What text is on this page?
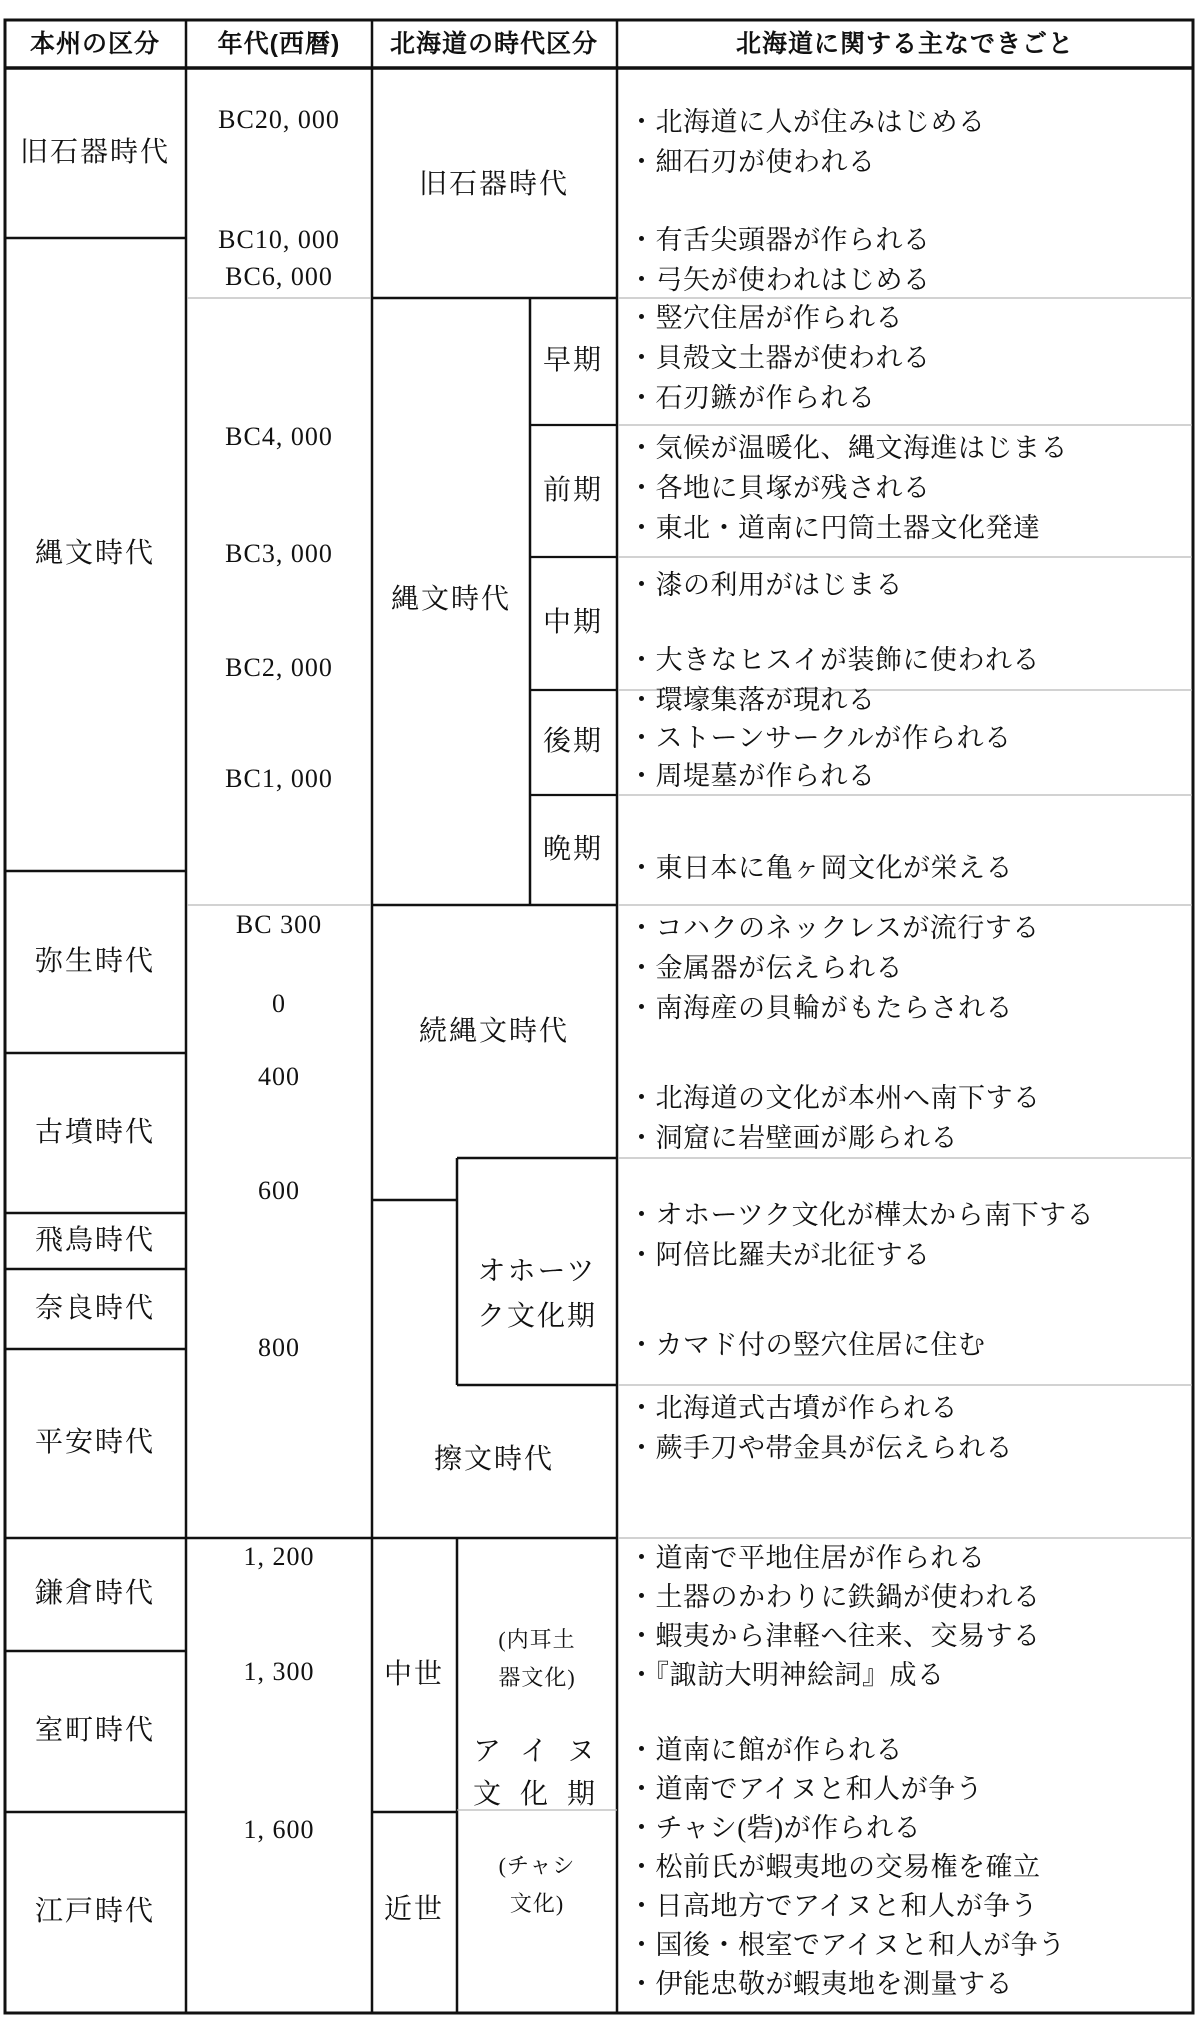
本州の区分 年代(西暦) 北海道の時代区分	北海道に関する主なできごと
旧石器時代
縄文時代
弥生時代
古墳時代
飛鳥時代
奈良時代
平安時代
鎌倉時代
室町時代
江戸時代
BC20, 000
BC10, 000
BC6, 000
BC4, 000
BC3, 000
BC2, 000
BC1, 000
BC 300
0
400
600
800
1, 200
1, 300
1, 600
旧石器時代
縄文時代
早期
前期
中期
後期
晩期
続縄文時代
オホーツ
ク文化期
擦文時代
中世
近世
(内耳土
器文化)
ア イ ヌ
文 化 期
(チャシ
文化)
・北海道に人が住みはじめる
・細石刃が使われる
・有舌尖頭器が作られる
・弓矢が使われはじめる
・竪穴住居が作られる
・貝殻文土器が使われる
・石刃鏃が作られる
・気候が温暖化、縄文海進はじまる
・各地に貝塚が残される
・東北・道南に円筒土器文化発達
・漆の利用がはじまる
・大きなヒスイが装飾に使われる
・環壕集落が現れる
・ストーンサークルが作られる
・周堤墓が作られる
・東日本に亀ヶ岡文化が栄える
・コハクのネックレスが流行する
・金属器が伝えられる
・南海産の貝輪がもたらされる
・北海道の文化が本州へ南下する
・洞窟に岩壁画が彫られる
・オホーツク文化が樺太から南下する
・阿倍比羅夫が北征する
・カマド付の竪穴住居に住む
・北海道式古墳が作られる
・蕨手刀や帯金具が伝えられる
・道南で平地住居が作られる
・土器のかわりに鉄鍋が使われる
・蝦夷から津軽へ往来、交易する
・『諏訪大明神絵詞』成る
・道南に館が作られる
・道南でアイヌと和人が争う
・チャシ(砦)が作られる
・松前氏が蝦夷地の交易権を確立
・日高地方でアイヌと和人が争う
・国後・根室でアイヌと和人が争う
・伊能忠敬が蝦夷地を測量する
